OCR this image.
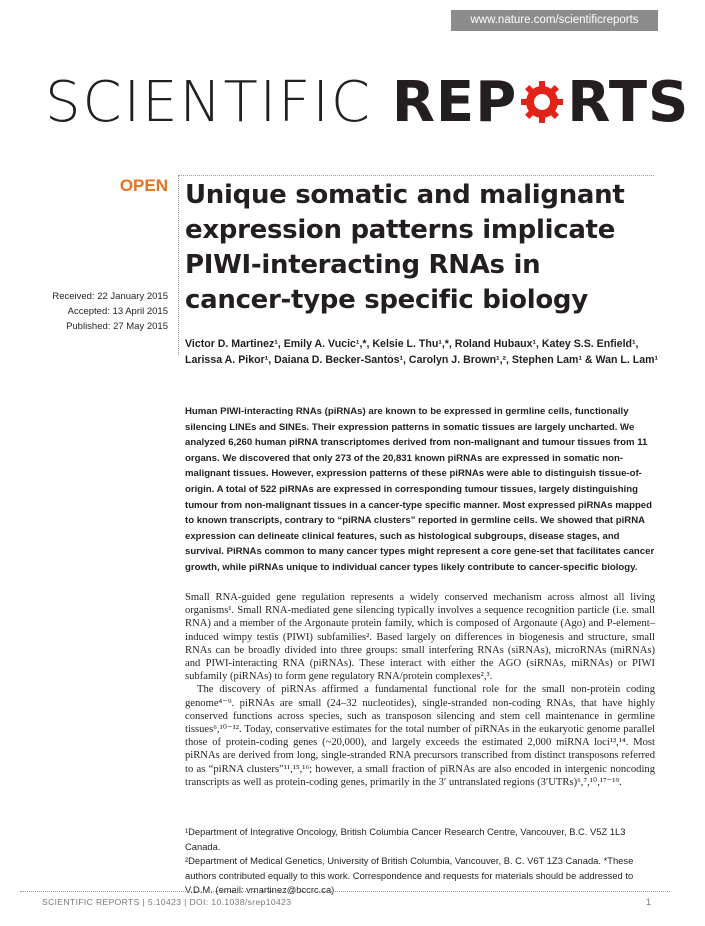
www.nature.com/scientificreports
SCIENTIFIC REP RTS
OPEN
Received: 22 January 2015
Accepted: 13 April 2015
Published: 27 May 2015
Unique somatic and malignant
expression patterns implicate
PIWI-interacting RNAs in
cancer-type specific biology
Victor D. Martinez¹, Emily A. Vucic¹,*, Kelsie L. Thu¹,*, Roland Hubaux¹, Katey S.S. Enfield¹, Larissa A. Pikor¹, Daiana D. Becker-Santos¹, Carolyn J. Brown¹,², Stephen Lam¹ & Wan L. Lam¹
Human PIWI-interacting RNAs (piRNAs) are known to be expressed in germline cells, functionally silencing LINEs and SINEs. Their expression patterns in somatic tissues are largely uncharted. We analyzed 6,260 human piRNA transcriptomes derived from non-malignant and tumour tissues from 11 organs. We discovered that only 273 of the 20,831 known piRNAs are expressed in somatic non-malignant tissues. However, expression patterns of these piRNAs were able to distinguish tissue-of-origin. A total of 522 piRNAs are expressed in corresponding tumour tissues, largely distinguishing tumour from non-malignant tissues in a cancer-type specific manner. Most expressed piRNAs mapped to known transcripts, contrary to “piRNA clusters” reported in germline cells. We showed that piRNA expression can delineate clinical features, such as histological subgroups, disease stages, and survival. PiRNAs common to many cancer types might represent a core gene-set that facilitates cancer growth, while piRNAs unique to individual cancer types likely contribute to cancer-specific biology.

Small RNA-guided gene regulation represents a widely conserved mechanism across almost all living organisms¹. Small RNA-mediated gene silencing typically involves a sequence recognition particle (i.e. small RNA) and a member of the Argonaute protein family, which is composed of Argonaute (Ago) and P-element–induced wimpy testis (PIWI) subfamilies². Based largely on differences in biogenesis and structure, small RNAs can be broadly divided into three groups: small interfering RNAs (siRNAs), microRNAs (miRNAs) and PIWI-interacting RNA (piRNAs). These interact with either the AGO (siRNAs, miRNAs) or PIWI subfamily (piRNAs) to form gene regulatory RNA/protein complexes²,³.

The discovery of piRNAs affirmed a fundamental functional role for the small non-protein coding genome⁴⁻⁹. piRNAs are small (24–32 nucleotides), single-stranded non-coding RNAs, that have highly conserved functions across species, such as transposon silencing and stem cell maintenance in germline tissues⁶,¹⁰⁻¹². Today, conservative estimates for the total number of piRNAs in the eukaryotic genome parallel those of protein-coding genes (~20,000), and largely exceeds the estimated 2,000 miRNA loci¹³,¹⁴. Most piRNAs are derived from long, single-stranded RNA precursors transcribed from distinct transposons referred to as “piRNA clusters”¹¹,¹⁵,¹⁶; however, a small fraction of piRNAs are also encoded in intergenic noncoding transcripts as well as protein-coding genes, primarily in the 3′ untranslated regions (3′UTRs)⁶,⁷,¹⁰,¹⁷⁻¹⁹.

¹Department of Integrative Oncology, British Columbia Cancer Research Centre, Vancouver, B.C. V5Z 1L3 Canada.

²Department of Medical Genetics, University of British Columbia, Vancouver, B. C. V6T 1Z3 Canada. *These authors contributed equally to this work. Correspondence and requests for materials should be addressed to V.D.M. (email: vmartinez@bccrc.ca)

SCIENTIFIC REPORTS | 5:10423 | DOI: 10.1038/srep10423	1
